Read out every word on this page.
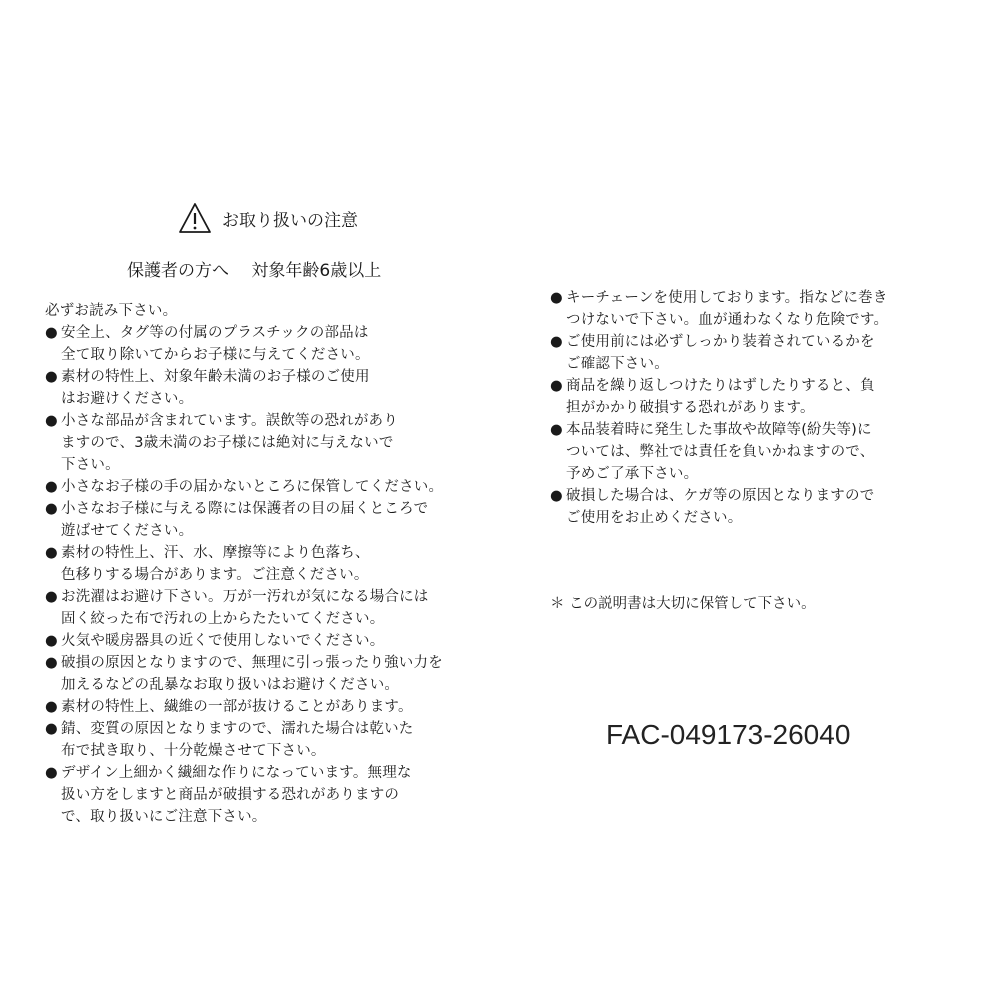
お取り扱いの注意
保護者の方へ　 対象年齢6歳以上
必ずお読み下さい。
● 安全上、タグ等の付属のプラスチックの部品は
全て取り除いてからお子様に与えてください。
● 素材の特性上、対象年齢未満のお子様のご使用
はお避けください。
● 小さな部品が含まれています。誤飲等の恐れがあり
ますので、3歳未満のお子様には絶対に与えないで
下さい。
● 小さなお子様の手の届かないところに保管してください。
● 小さなお子様に与える際には保護者の目の届くところで
遊ばせてください。
● 素材の特性上、汗、水、摩擦等により色落ち、
色移りする場合があります。ご注意ください。
● お洗濯はお避け下さい。万が一汚れが気になる場合には
固く絞った布で汚れの上からたたいてください。
● 火気や暖房器具の近くで使用しないでください。
● 破損の原因となりますので、無理に引っ張ったり強い力を
加えるなどの乱暴なお取り扱いはお避けください。
● 素材の特性上、繊維の一部が抜けることがあります。
● 錆、変質の原因となりますので、濡れた場合は乾いた
布で拭き取り、十分乾燥させて下さい。
● デザイン上細かく繊細な作りになっています。無理な
扱い方をしますと商品が破損する恐れがありますの
で、取り扱いにご注意下さい。
● キーチェーンを使用しております。指などに巻き
つけないで下さい。血が通わなくなり危険です。
● ご使用前には必ずしっかり装着されているかを
ご確認下さい。
● 商品を繰り返しつけたりはずしたりすると、負
担がかかり破損する恐れがあります。
● 本品装着時に発生した事故や故障等(紛失等)に
ついては、弊社では責任を負いかねますので、
予めご了承下さい。
● 破損した場合は、ケガ等の原因となりますので
ご使用をお止めください。
＊ この説明書は大切に保管して下さい。
FAC-049173-26040
